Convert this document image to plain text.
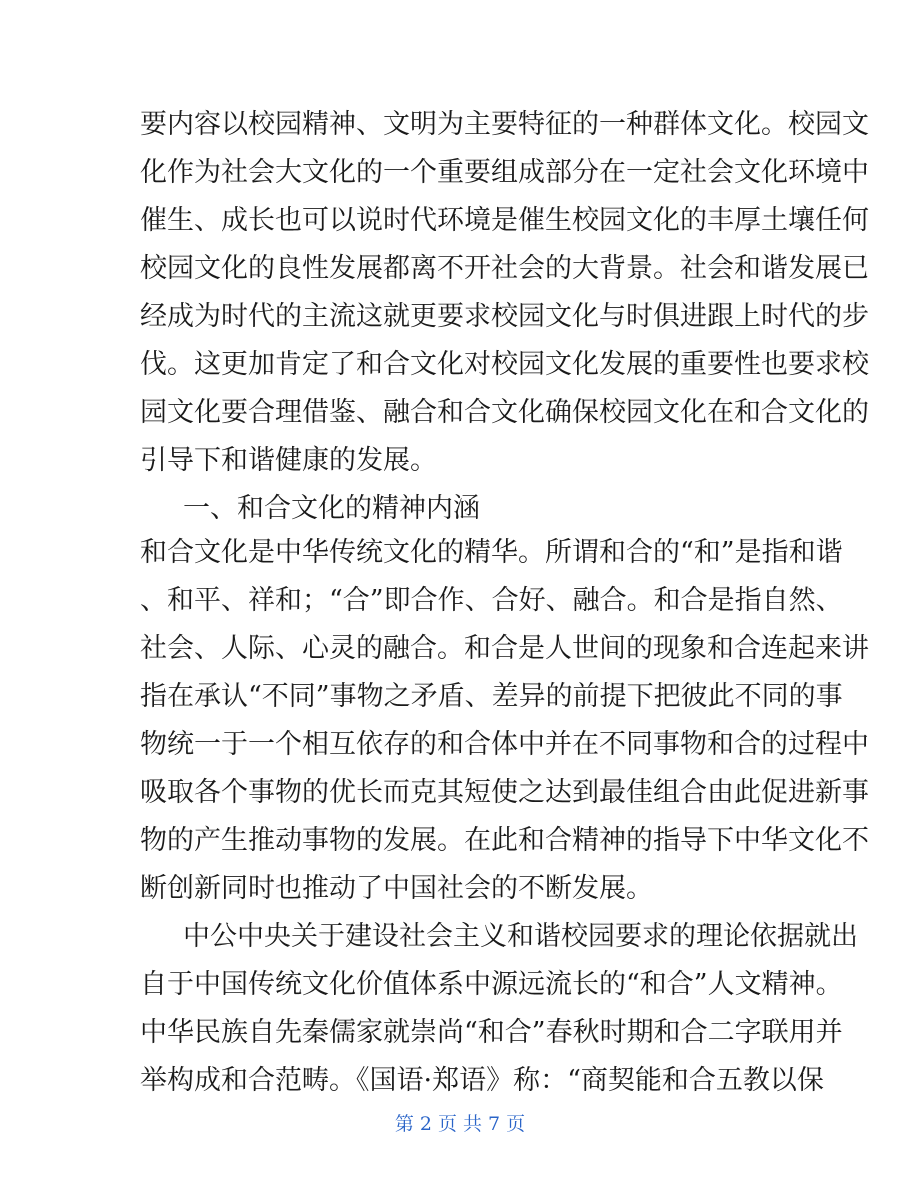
要内容以校园精神、文明为主要特征的一种群体文化。校园文
化作为社会大文化的一个重要组成部分在一定社会文化环境中
催生、成长也可以说时代环境是催生校园文化的丰厚土壤任何
校园文化的良性发展都离不开社会的大背景。社会和谐发展已
经成为时代的主流这就更要求校园文化与时俱进跟上时代的步
伐。这更加肯定了和合文化对校园文化发展的重要性也要求校
园文化要合理借鉴、融合和合文化确保校园文化在和合文化的
引导下和谐健康的发展。
一、和合文化的精神内涵
和合文化是中华传统文化的精华。所谓和合的“和”是指和谐
、和平、祥和；“合”即合作、合好、融合。和合是指自然、
社会、人际、心灵的融合。和合是人世间的现象和合连起来讲
指在承认“不同”事物之矛盾、差异的前提下把彼此不同的事
物统一于一个相互依存的和合体中并在不同事物和合的过程中
吸取各个事物的优长而克其短使之达到最佳组合由此促进新事
物的产生推动事物的发展。在此和合精神的指导下中华文化不
断创新同时也推动了中国社会的不断发展。
中公中央关于建设社会主义和谐校园要求的理论依据就出
自于中国传统文化价值体系中源远流长的“和合”人文精神。
中华民族自先秦儒家就崇尚“和合”春秋时期和合二字联用并
举构成和合范畴。《国语·郑语》称：“商契能和合五教以保
第 2 页 共 7 页
